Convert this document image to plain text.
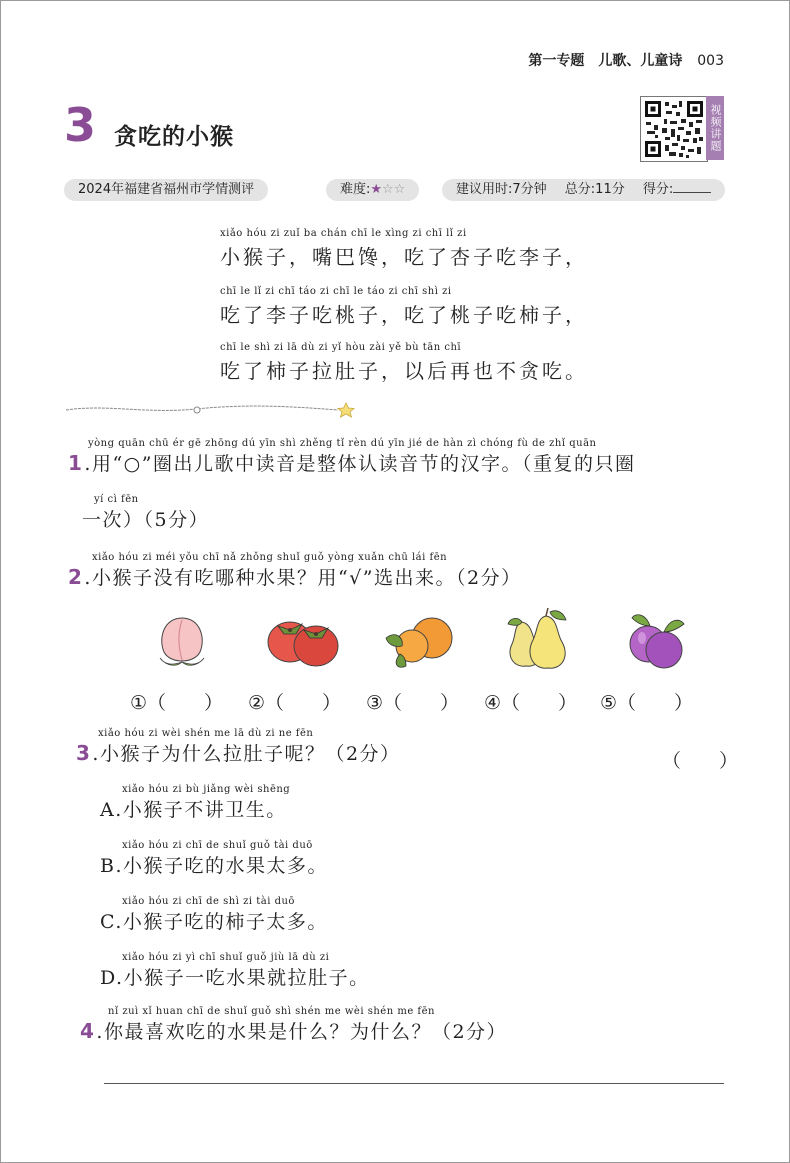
第一专题　儿歌、儿童诗 003
3 贪吃的小猴	视频讲题
2024年福建省福州市学情测评	难度:★☆☆	建议用时:7分钟 总分:11分 得分:
xiǎo hóu zi zuǐ ba chán chī le xìng zi chī lǐ zi
小猴子，嘴巴馋，吃了杏子吃李子，
chī le lǐ zi chī táo zi chī le táo zi chī shì zi
吃了李子吃桃子，吃了桃子吃柿子，
chī le shì zi lā dù zi yǐ hòu zài yě bù tān chī
吃了柿子拉肚子，以后再也不贪吃。
yòng quān chū ér gē zhōng dú yīn shì zhěng tǐ rèn dú yīn jié de hàn zì chóng fù de zhǐ quān
1.用“○”圈出儿歌中读音是整体认读音节的汉字。（重复的只圈
yí cì fēn
一次）（5分）
xiǎo hóu zi méi yǒu chī nǎ zhǒng shuǐ guǒ yòng xuǎn chū lái fēn
2.小猴子没有吃哪种水果？用“√”选出来。（2分）
①（　　） ②（　　） ③（　　） ④（　　） ⑤（　　）
xiǎo hóu zi wèi shén me lā dù zi ne fēn
3.小猴子为什么拉肚子呢？（2分）	（　　）
xiǎo hóu zi bù jiǎng wèi shēng
A.小猴子不讲卫生。
xiǎo hóu zi chī de shuǐ guǒ tài duō
B.小猴子吃的水果太多。
xiǎo hóu zi chī de shì zi tài duō
C.小猴子吃的柿子太多。
xiǎo hóu zi yì chī shuǐ guǒ jiù lā dù zi
D.小猴子一吃水果就拉肚子。
nǐ zuì xǐ huan chī de shuǐ guǒ shì shén me wèi shén me fēn
4.你最喜欢吃的水果是什么？为什么？（2分）
